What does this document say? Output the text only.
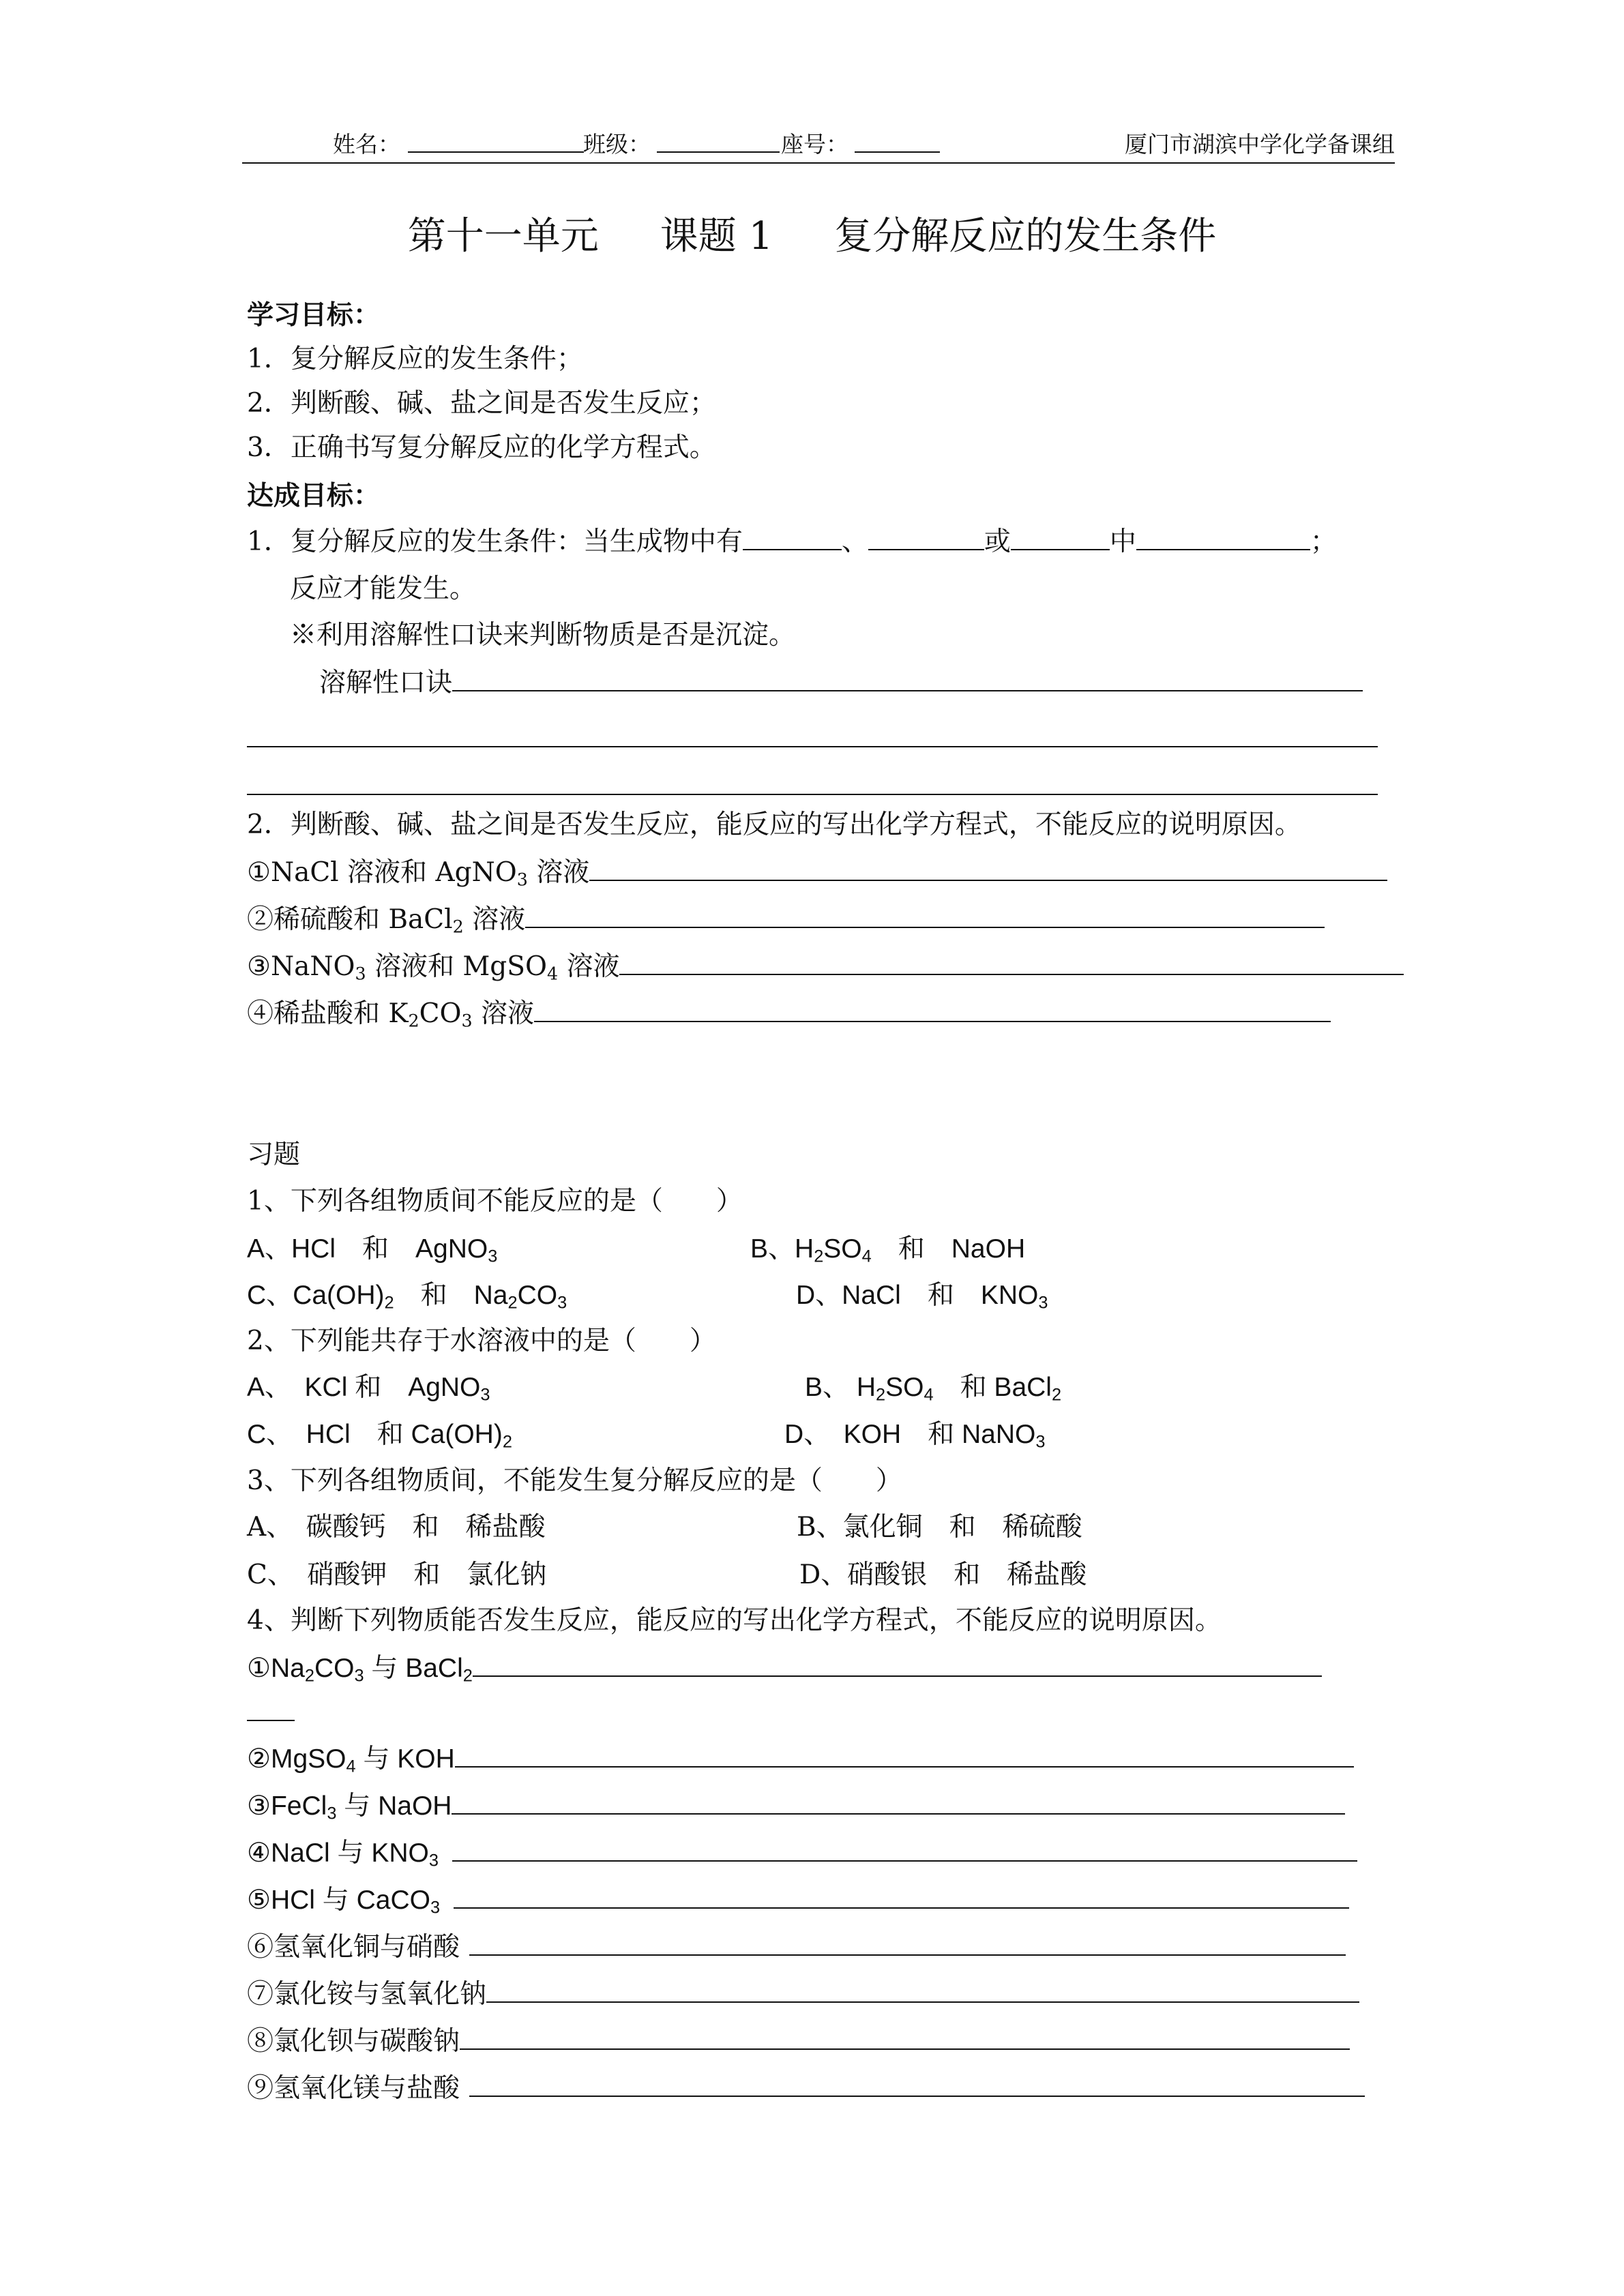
姓名：	班级：	座号：	厦门市湖滨中学化学备课组
第十一单元 课题 1 复分解反应的发生条件
学习目标：
1．复分解反应的发生条件；
2．判断酸、碱、盐之间是否发生反应；
3．正确书写复分解反应的化学方程式。
达成目标：
1．复分解反应的发生条件：当生成物中有	、	或	中	；
反应才能发生。
※利用溶解性口诀来判断物质是否是沉淀。
溶解性口诀
2．判断酸、碱、盐之间是否发生反应，能反应的写出化学方程式，不能反应的说明原因。
①NaCl 溶液和 AgNO$_3$ 溶液
②稀硫酸和 BaCl$_2$ 溶液
③NaNO$_3$ 溶液和 MgSO$_4$ 溶液
④稀盐酸和 $K_2CO_3$ 溶液
习题
1、下列各组物质间不能反应的是（　　）
A、HCl　和　AgNO$_3$	B、$H_2SO_4$　和　NaOH
C、$Ca(OH)_2$　和　$Na_2CO_3$	D、NaCl　和　$KNO_3$
2、下列能共存于水溶液中的是（　　）
A、　KCl 和　AgNO$_3$	B、 $H_2SO_4$　和 BaCl$_2$
C、　HCl　和 $Ca(OH)_2$	D、　KOH　和 NaNO$_3$
3、下列各组物质间，不能发生复分解反应的是（　　）
A、　碳酸钙　和　稀盐酸	B、氯化铜　和　稀硫酸
C、　硝酸钾　和　氯化钠	D、硝酸银　和　稀盐酸
4、判断下列物质能否发生反应，能反应的写出化学方程式，不能反应的说明原因。
$①Na_2CO_3$ 与 BaCl$_2$
②MgSO$_4$ 与 KOH
③FeCl$_3$ 与 NaOH
④NaCl 与 $KNO_3$
⑤HCl 与 CaCO$_3$
⑥氢氧化铜与硝酸
⑦氯化铵与氢氧化钠
⑧氯化钡与碳酸钠
⑨氢氧化镁与盐酸
